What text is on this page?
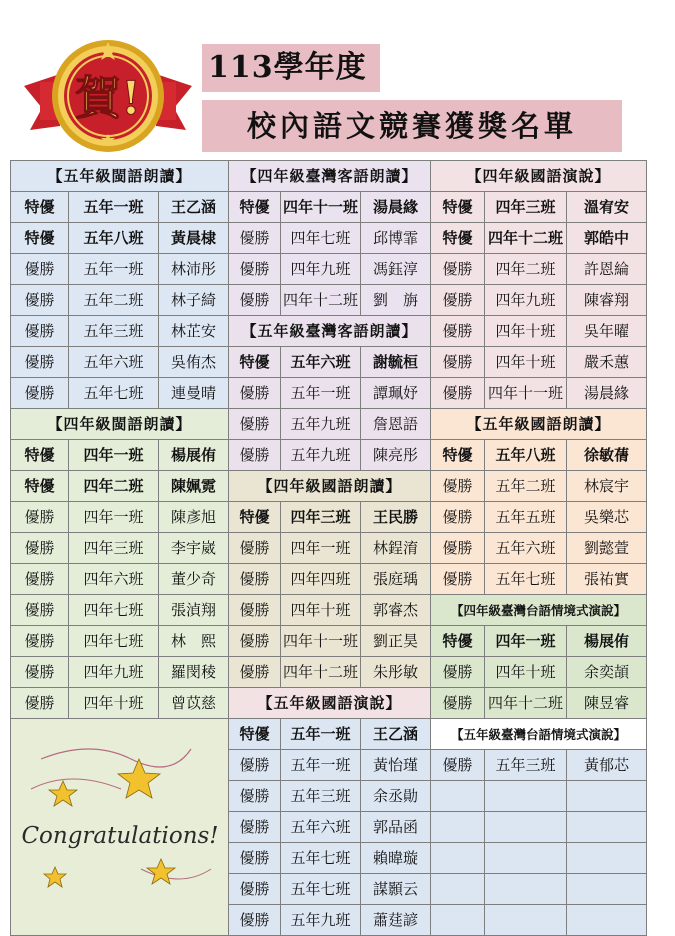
賀!
113學年度
校內語文競賽獲獎名單
【五年級閩語朗讀】			【四年級臺灣客語朗讀】			【四年級國語演說】		
特優	五年一班	王乙涵	特優	四年十一班	湯晨緣	特優	四年三班	溫宥安
特優	五年八班	黃晨棣	優勝	四年七班	邱博霏	特優	四年十二班	郭皓中
優勝	五年一班	林沛彤	優勝	四年九班	馮鈺淳	優勝	四年二班	許恩綸
優勝	五年二班	林子綺	優勝	四年十二班	劉　旃	優勝	四年九班	陳睿翔
優勝	五年三班	林芷安	【五年級臺灣客語朗讀】			優勝	四年十班	吳年曜
優勝	五年六班	吳侑杰	特優	五年六班	謝毓桓	優勝	四年十班	嚴禾蕙
優勝	五年七班	連曼晴	優勝	五年一班	譚珮妤	優勝	四年十一班	湯晨緣
【四年級閩語朗讀】			優勝	五年九班	詹恩語	【五年級國語朗讀】		
特優	四年一班	楊展侑	優勝	五年九班	陳亮彤	特優	五年八班	徐敏蒨
特優	四年二班	陳姵霓	【四年級國語朗讀】			優勝	五年二班	林宸宇
優勝	四年一班	陳彥旭	特優	四年三班	王民勝	優勝	五年五班	吳樂芯
優勝	四年三班	李宇崴	優勝	四年一班	林鋥淯	優勝	五年六班	劉懿萱
優勝	四年六班	董少奇	優勝	四年四班	張庭瑀	優勝	五年七班	張祐實
優勝	四年七班	張湞翔	優勝	四年十班	郭睿杰	【四年級臺灣台語情境式演說】		
優勝	四年七班	林　熙	優勝	四年十一班	劉正昊	特優	四年一班	楊展侑
優勝	四年九班	羅閔稜	優勝	四年十二班	朱彤敏	優勝	四年十班	余奕頡
優勝	四年十班	曾苡慈	【五年級國語演說】			優勝	四年十二班	陳昱睿

Congratulations!			特優	五年一班	王乙涵	【五年級臺灣台語情境式演說】		
			優勝	五年一班	黃怡瑾	優勝	五年三班	黃郁芯
			優勝	五年三班	余丞勛			
			優勝	五年六班	郭品函			
			優勝	五年七班	賴暐璇			
			優勝	五年七班	謀顥云			
			優勝	五年九班	蕭莛諺			
